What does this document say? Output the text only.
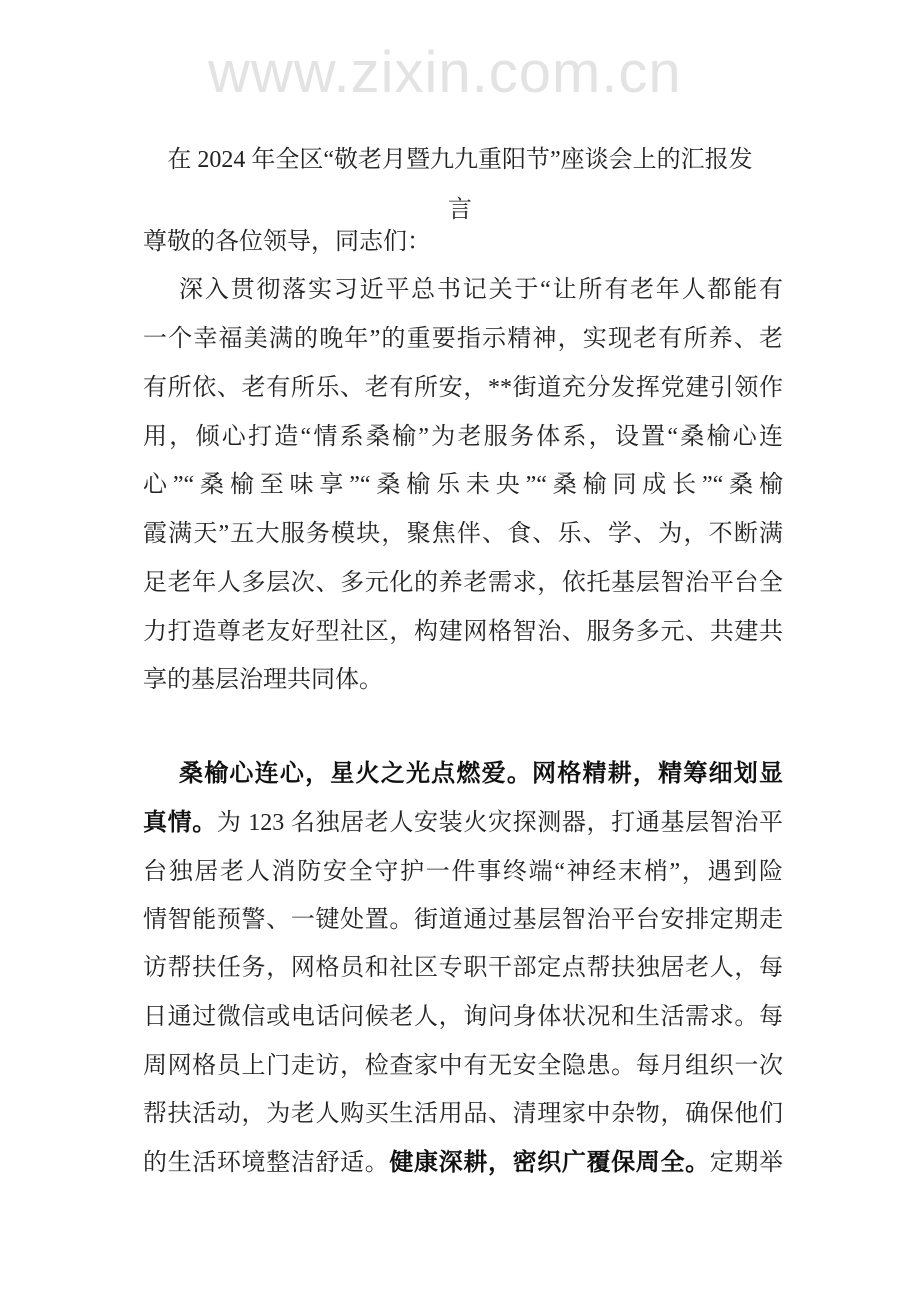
www.zixin.com.cn
在 2024 年全区“敬老月暨九九重阳节”座谈会上的汇报发
言
尊敬的各位领导，同志们：
深入贯彻落实习近平总书记关于“让所有老年人都能有
一个幸福美满的晚年”的重要指示精神，实现老有所养、老
有所依、老有所乐、老有所安，**街道充分发挥党建引领作
用，倾心打造“情系桑榆”为老服务体系，设置“桑榆心连
心”“桑榆至味享”“桑榆乐未央”“桑榆同成长”“桑榆
霞满天”五大服务模块，聚焦伴、食、乐、学、为，不断满
足老年人多层次、多元化的养老需求，依托基层智治平台全
力打造尊老友好型社区，构建网格智治、服务多元、共建共
享的基层治理共同体。
桑榆心连心，星火之光点燃爱。网格精耕，精筹细划显
真情。为 123 名独居老人安装火灾探测器，打通基层智治平
台独居老人消防安全守护一件事终端“神经末梢”，遇到险
情智能预警、一键处置。街道通过基层智治平台安排定期走
访帮扶任务，网格员和社区专职干部定点帮扶独居老人，每
日通过微信或电话问候老人，询问身体状况和生活需求。每
周网格员上门走访，检查家中有无安全隐患。每月组织一次
帮扶活动，为老人购买生活用品、清理家中杂物，确保他们
的生活环境整洁舒适。健康深耕，密织广覆保周全。定期举
